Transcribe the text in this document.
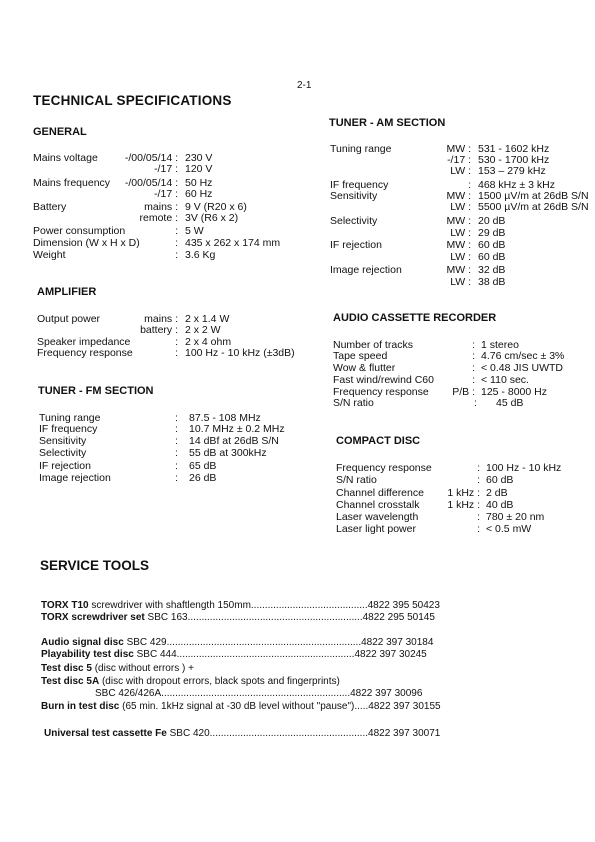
2-1
TECHNICAL SPECIFICATIONS
GENERAL
Mains voltage	-/00/05/14 : 230 V
-/17 : 120 V
Mains frequency -/00/05/14 : 50 Hz
-/17 : 60 Hz
Battery	mains : 9 V (R20 x 6)
remote : 3V (R6 x 2)
Power consumption	: 5 W
Dimension (W x H x D)	: 435 x 262 x 174 mm
Weight	: 3.6 Kg
AMPLIFIER
Output power	mains : 2 x 1.4 W
battery : 2 x 2 W
Speaker impedance	: 2 x 4 ohm
Frequency response	: 100 Hz - 10 kHz (±3dB)
TUNER - FM SECTION
Tuning range	: 87.5 - 108 MHz
IF frequency	: 10.7 MHz ± 0.2 MHz
Sensitivity	: 14 dBf at 26dB S/N
Selectivity	: 55 dB at 300kHz
IF rejection	: 65 dB
Image rejection	: 26 dB
TUNER - AM SECTION
Tuning range	MW : 531 - 1602 kHz
-/17 : 530 - 1700 kHz
LW : 153 – 279 kHz
IF frequency	: 468 kHz ± 3 kHz
Sensitivity	MW : 1500 µV/m at 26dB S/N
LW : 5500 µV/m at 26dB S/N
Selectivity	MW : 20 dB
LW : 29 dB
IF rejection	MW : 60 dB
LW : 60 dB
Image rejection	MW : 32 dB
LW : 38 dB
AUDIO CASSETTE RECORDER
Number of tracks	: 1 stereo
Tape speed	: 4.76 cm/sec ± 3%
Wow & flutter	: < 0.48 JIS UWTD
Fast wind/rewind C60	: < 110 sec.
Frequency response P/B : 125 - 8000 Hz
S/N ratio	: 45 dB
COMPACT DISC
Frequency response	: 100 Hz - 10 kHz
S/N ratio	: 60 dB
Channel difference 1 kHz : 2 dB
Channel crosstalk	1 kHz : 40 dB
Laser wavelength	: 780 ± 20 nm
Laser light power	: < 0.5 mW
SERVICE TOOLS
TORX T10 screwdriver with shaftlength 150mm..........................................4822 395 50423
TORX screwdriver set SBC 163...............................................................4822 295 50145
Audio signal disc SBC 429......................................................................4822 397 30184
Playability test disc SBC 444................................................................4822 397 30245
Test disc 5 (disc without errors ) +
Test disc 5A (disc with dropout errors, black spots and fingerprints)
SBC 426/426A....................................................................4822 397 30096
Burn in test disc (65 min. 1kHz signal at -30 dB level without "pause").....4822 397 30155
Universal test cassette Fe SBC 420.........................................................4822 397 30071
